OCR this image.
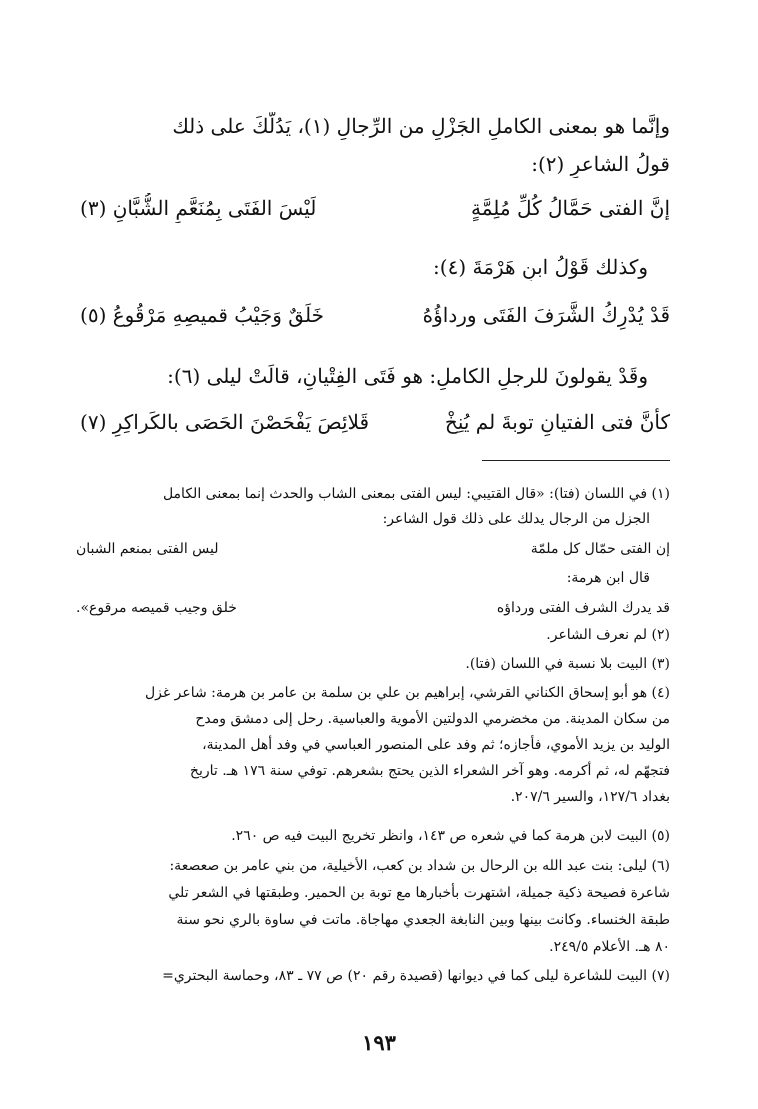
وإنَّما هو بمعنى الكاملِ الجَزْلِ من الرِّجالِ (١)، يَدُلُّكَ على ذلك
قولُ الشاعرِ (٢):
إنَّ الفتى حَمَّالُ كُلِّ مُلِمَّةٍ
لَيْسَ الفَتَى بِمُنَعَّمِ الشُّبَّانِ (٣)
وكذلك قَوْلُ ابنِ هَرْمَةَ (٤):
قَدْ يُدْرِكُ الشَّرَفَ الفَتَى ورداؤُهُ
خَلَقٌ وَجَيْبُ قميصِهِ مَرْقُوعُ (٥)
وقَدْ يقولونَ للرجلِ الكاملِ: هو فَتَى الفِتْيانِ، قالَتْ ليلى (٦):
كأَنَّ فتى الفتيانِ توبةَ لم يُنِخْ
قَلائِصَ يَفْحَصْنَ الحَصَى بالكَراكِرِ (٧)
(١) في اللسان (فتا): «قال القتيبي: ليس الفتى بمعنى الشاب والحدث إنما بمعنى الكامل
الجزل من الرجال يدلك على ذلك قول الشاعر:
إن الفتى حمّال كل ملمّة
ليس الفتى بمنعم الشبان
قال ابن هرمة:
قد يدرك الشرف الفتى ورداؤه
خلق وجيب قميصه مرقوع».
(٢) لم نعرف الشاعر.
(٣) البيت بلا نسبة في اللسان (فتا).
(٤) هو أبو إسحاق الكناني القرشي، إبراهيم بن علي بن سلمة بن عامر بن هرمة: شاعر غزل
من سكان المدينة. من مخضرمي الدولتين الأموية والعباسية. رحل إلى دمشق ومدح
الوليد بن يزيد الأموي، فأجازه؛ ثم وفد على المنصور العباسي في وفد أهل المدينة،
فتجهّم له، ثم أكرمه. وهو آخر الشعراء الذين يحتج بشعرهم. توفي سنة ١٧٦ هـ. تاريخ
بغداد ١٢٧/٦، والسير ٢٠٧/٦.
(٥) البيت لابن هرمة كما في شعره ص ١٤٣، وانظر تخريج البيت فيه ص ٢٦٠.
(٦) ليلى: بنت عبد الله بن الرحال بن شداد بن كعب، الأخيلية، من بني عامر بن صعصعة:
شاعرة فصيحة ذكية جميلة، اشتهرت بأخبارها مع توبة بن الحمير. وطبقتها في الشعر تلي
طبقة الخنساء. وكانت بينها وبين النابغة الجعدي مهاجاة. ماتت في ساوة بالري نحو سنة
٨٠ هـ. الأعلام ٢٤٩/٥.
(٧) البيت للشاعرة ليلى كما في ديوانها (قصيدة رقم ٢٠) ص ٧٧ ـ ٨٣، وحماسة البحتري=
١٩٣
